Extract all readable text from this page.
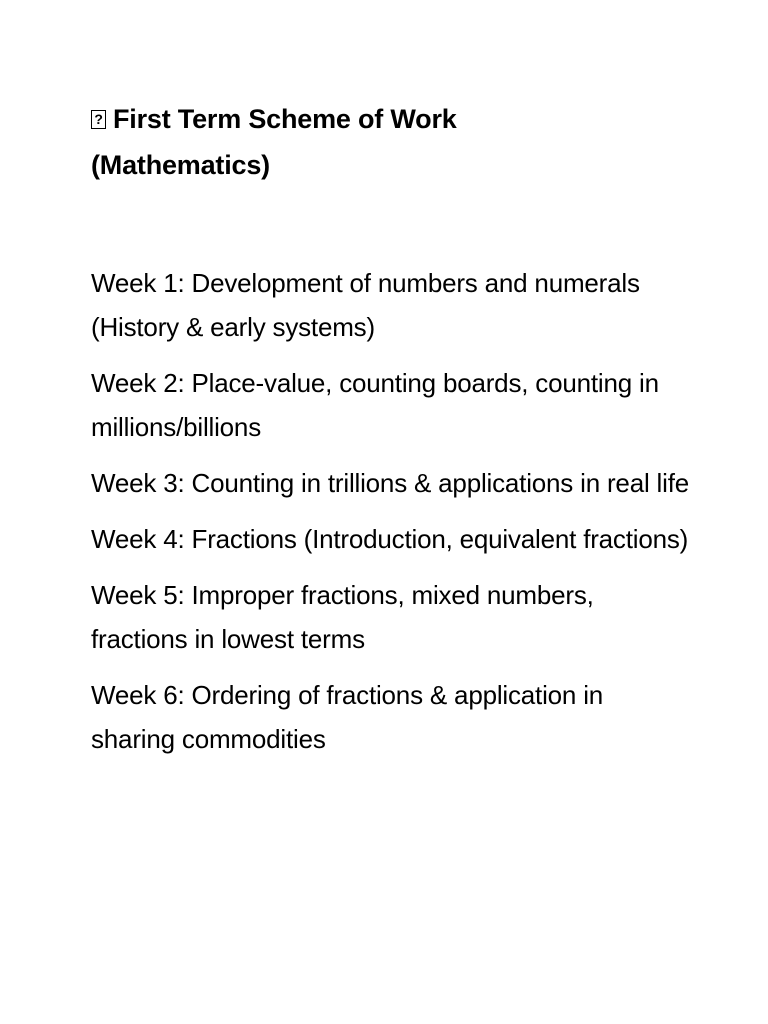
?First Term Scheme of Work
(Mathematics)
Week 1: Development of numbers and numerals (History & early systems)
Week 2: Place-value, counting boards, counting in millions/billions
Week 3: Counting in trillions & applications in real life
Week 4: Fractions (Introduction, equivalent fractions)
Week 5: Improper fractions, mixed numbers, fractions in lowest terms
Week 6: Ordering of fractions & application in sharing commodities
